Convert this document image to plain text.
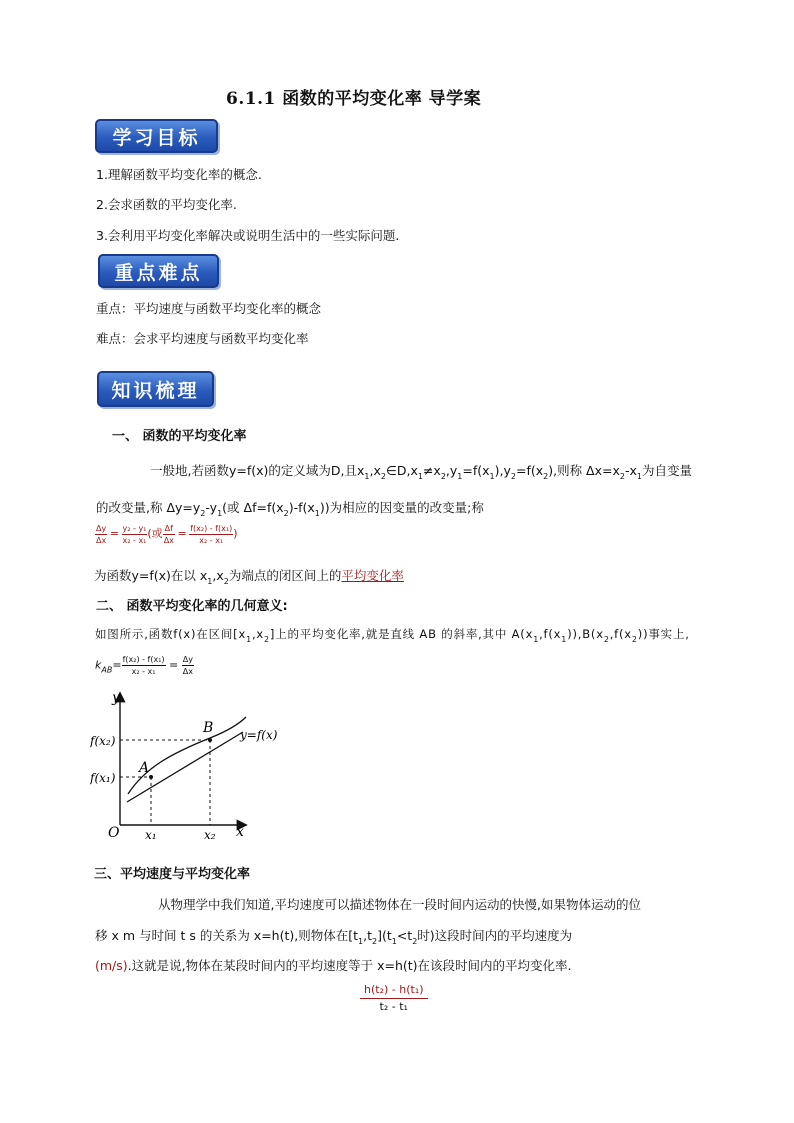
6.1.1 函数的平均变化率 导学案
学习目标
1.理解函数平均变化率的概念.
2.会求函数的平均变化率.
3.会利用平均变化率解决或说明生活中的一些实际问题.
重点难点
重点：平均速度与函数平均变化率的概念
难点：会求平均速度与函数平均变化率
知识梳理
一、 函数的平均变化率
一般地,若函数y=f(x)的定义域为D,且$x_1,x_2\in D,x_1\ne x_2,y_1=f(x_1),y_2=f(x_2)$,则称 $\Delta x=x_2-x_1$为自变量
的改变量,称 $\Delta y=y_2-y_1$(或 $\Delta f=f(x_2)-f(x_1)$)为相应的因变量的改变量;称
$\frac{\Delta y}{\Delta x} = \frac{\text{y₂ - y₁}}{\text{x₂ - x₁}}$ (或 $\frac{\Delta f}{\Delta x} = \frac{\text{f(x₂) - f(x₁)}}{\text{x₂ - x₁}}$ )
为函数y=f(x)在以 $x_1,x_2$为端点的闭区间上的平均变化率
二、 函数平均变化率的几何意义:
如图所示,函数f(x)在区间$[x_1,x_2]$上的平均变化率,就是直线 AB 的斜率,其中 $A(x_1,f(x_1)),B(x_2,f(x_2))$事实上,
$k_{AB}= \frac{\text{f(x₂) - f(x₁)}}{\text{x₂ - x₁}} = \frac{\Delta y}{\Delta x}$
y
x
O
A
B
f(x₂)
f(x₁)
x₁	x₂
y=f(x)
三、平均速度与平均变化率
从物理学中我们知道,平均速度可以描述物体在一段时间内运动的快慢,如果物体运动的位
移 x m 与时间 t s 的关系为 x=h(t),则物体在$[t_1,t_2](t_1<t_2$时)这段时间内的平均速度为
(m/s).这就是说,物体在某段时间内的平均速度等于 x=h(t)在该段时间内的平均变化率.
$\frac{\text{h(t₂) - h(t₁)}}{\text{t₂ - t₁}}$
